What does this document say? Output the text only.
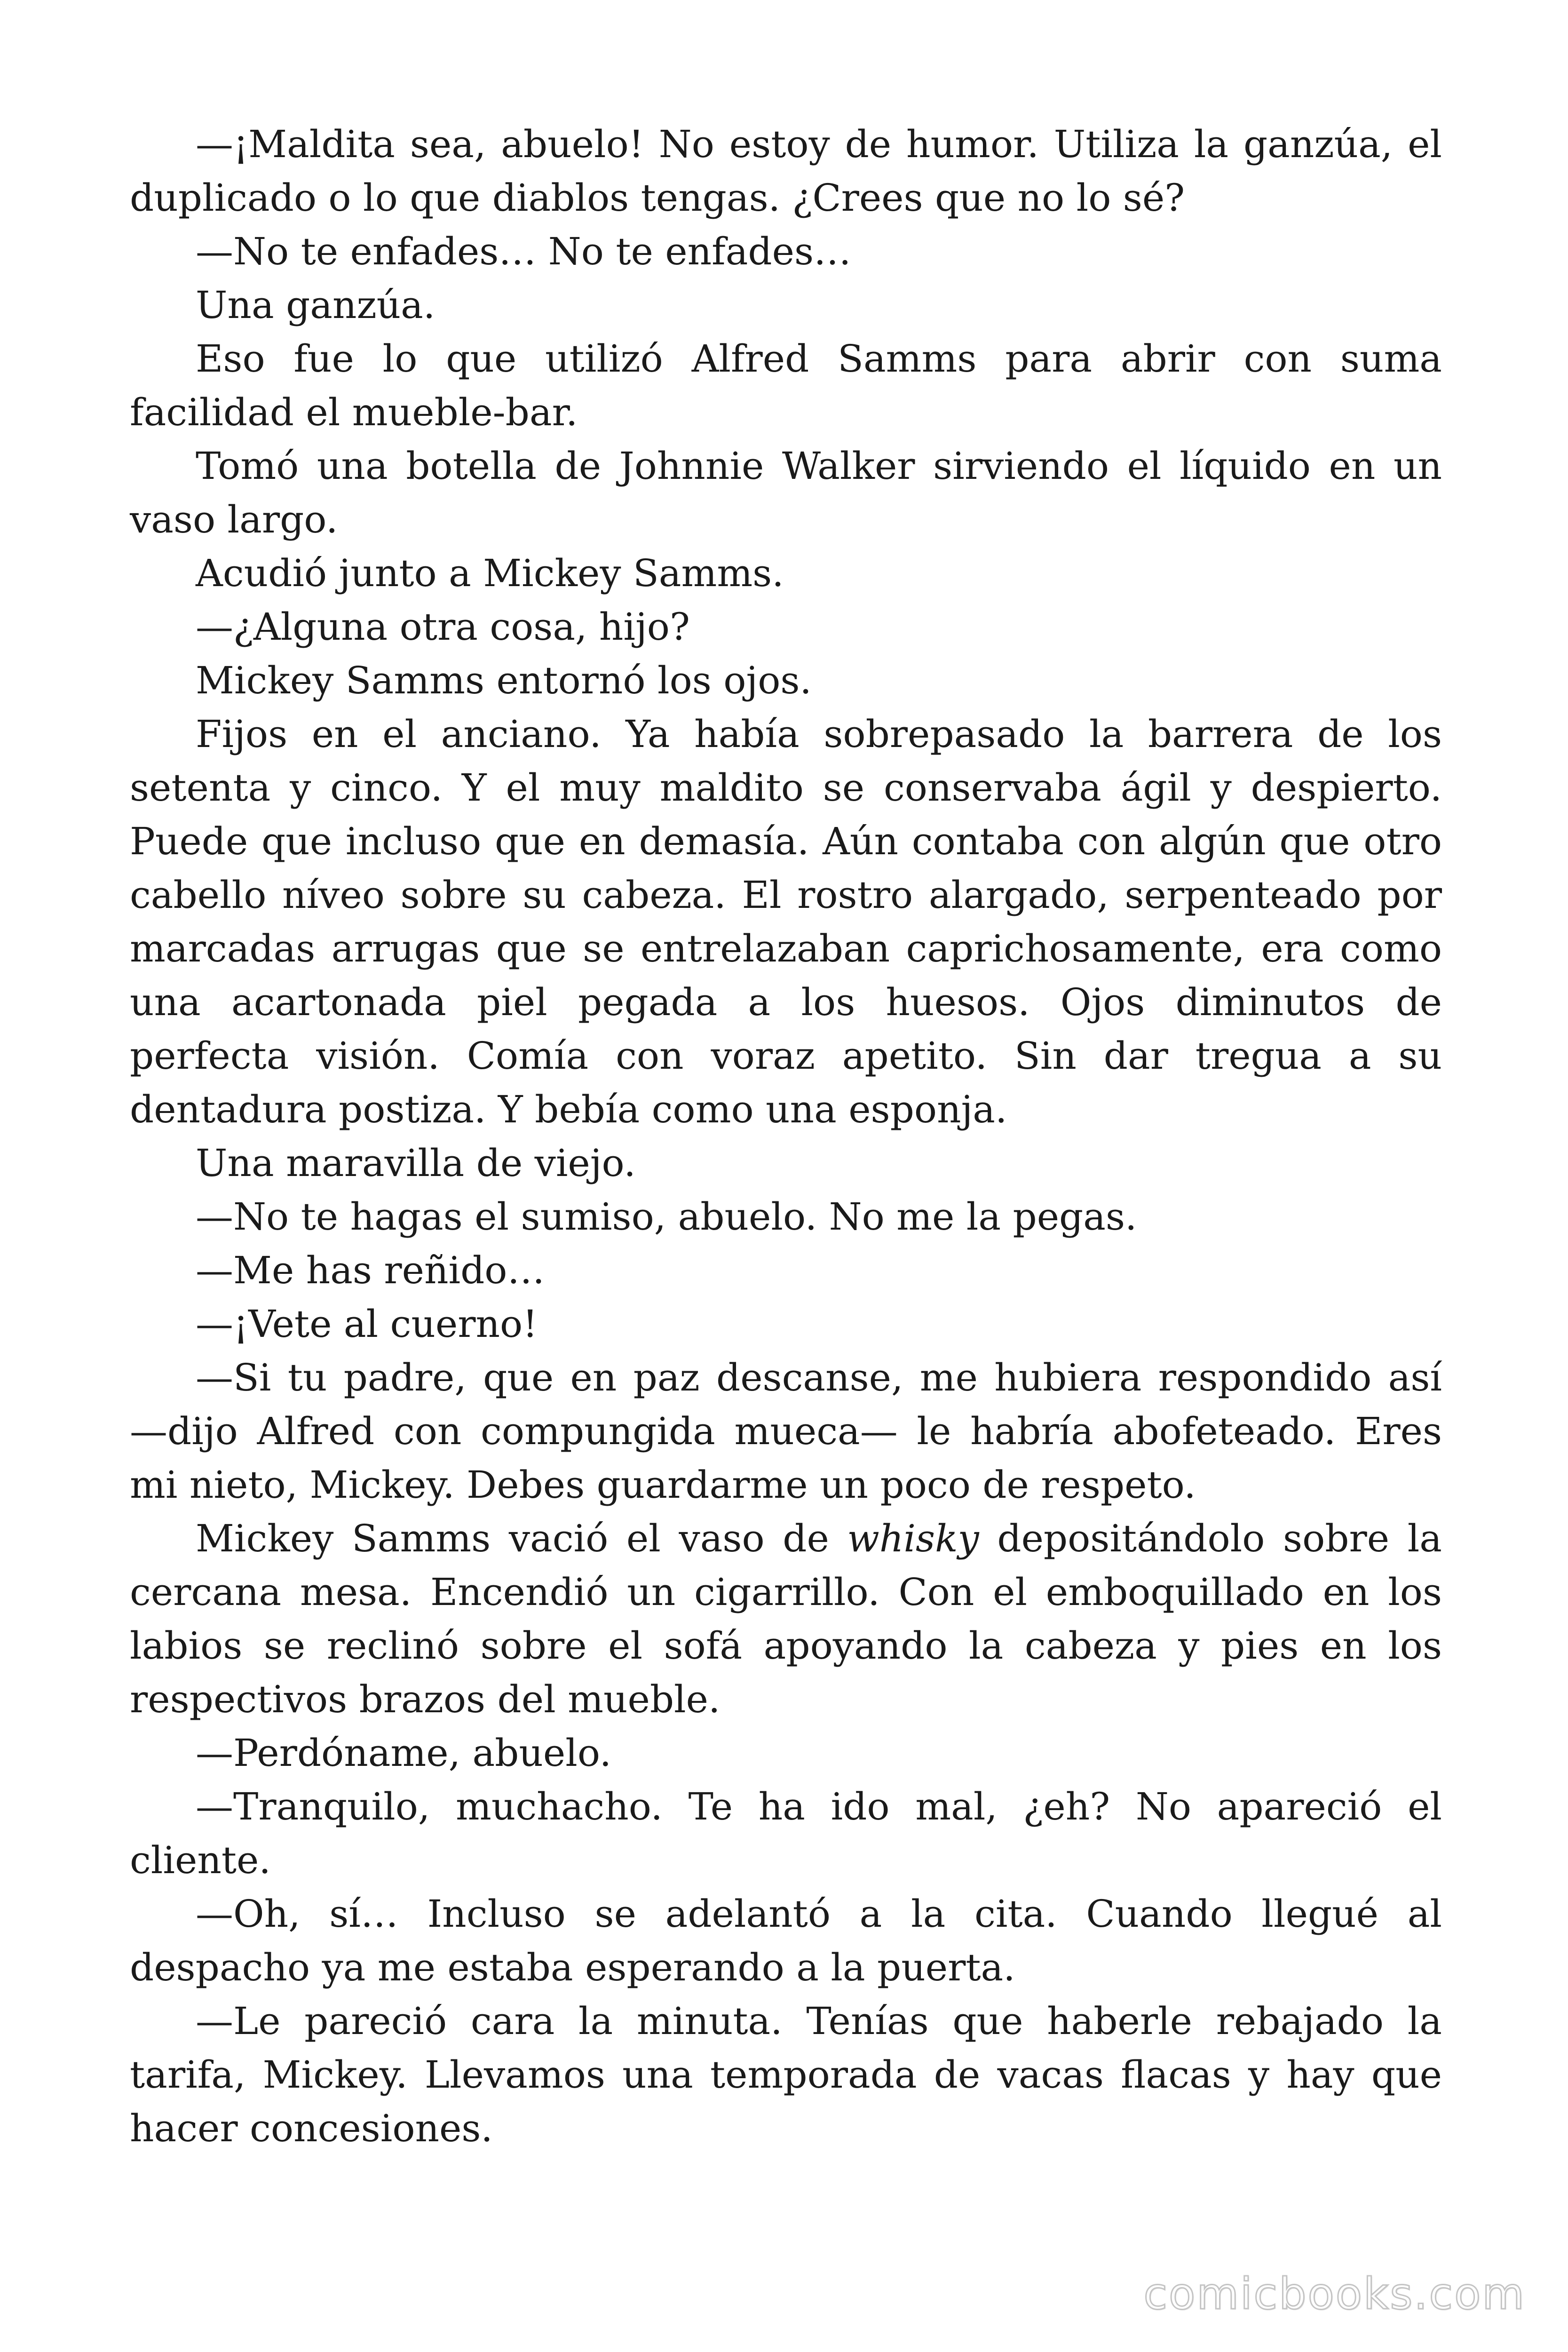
—¡Maldita sea, abuelo! No estoy de humor. Utiliza la ganzúa, el duplicado o lo que diablos tengas. ¿Crees que no lo sé?

—No te enfades… No te enfades…

Una ganzúa.

Eso fue lo que utilizó Alfred Samms para abrir con suma facilidad el mueble-bar.

Tomó una botella de Johnnie Walker sirviendo el líquido en un vaso largo.

Acudió junto a Mickey Samms.

—¿Alguna otra cosa, hijo?

Mickey Samms entornó los ojos.

Fijos en el anciano. Ya había sobrepasado la barrera de los setenta y cinco. Y el muy maldito se conservaba ágil y despierto. Puede que incluso que en demasía. Aún contaba con algún que otro cabello níveo sobre su cabeza. El rostro alargado, serpenteado por marcadas arrugas que se entrelazaban caprichosamente, era como una acartonada piel pegada a los huesos. Ojos diminutos de perfecta visión. Comía con voraz apetito. Sin dar tregua a su dentadura postiza. Y bebía como una esponja.

Una maravilla de viejo.

—No te hagas el sumiso, abuelo. No me la pegas.

—Me has reñido…

—¡Vete al cuerno!

—Si tu padre, que en paz descanse, me hubiera respondido así —dijo Alfred con compungida mueca— le habría abofeteado. Eres mi nieto, Mickey. Debes guardarme un poco de respeto.

Mickey Samms vació el vaso de whisky depositándolo sobre la cercana mesa. Encendió un cigarrillo. Con el emboquillado en los labios se reclinó sobre el sofá apoyando la cabeza y pies en los respectivos brazos del mueble.

—Perdóname, abuelo.

—Tranquilo, muchacho. Te ha ido mal, ¿eh? No apareció el cliente.

—Oh, sí… Incluso se adelantó a la cita. Cuando llegué al despacho ya me estaba esperando a la puerta.

—Le pareció cara la minuta. Tenías que haberle rebajado la tarifa, Mickey. Llevamos una temporada de vacas flacas y hay que hacer concesiones.

comicbooks.com
